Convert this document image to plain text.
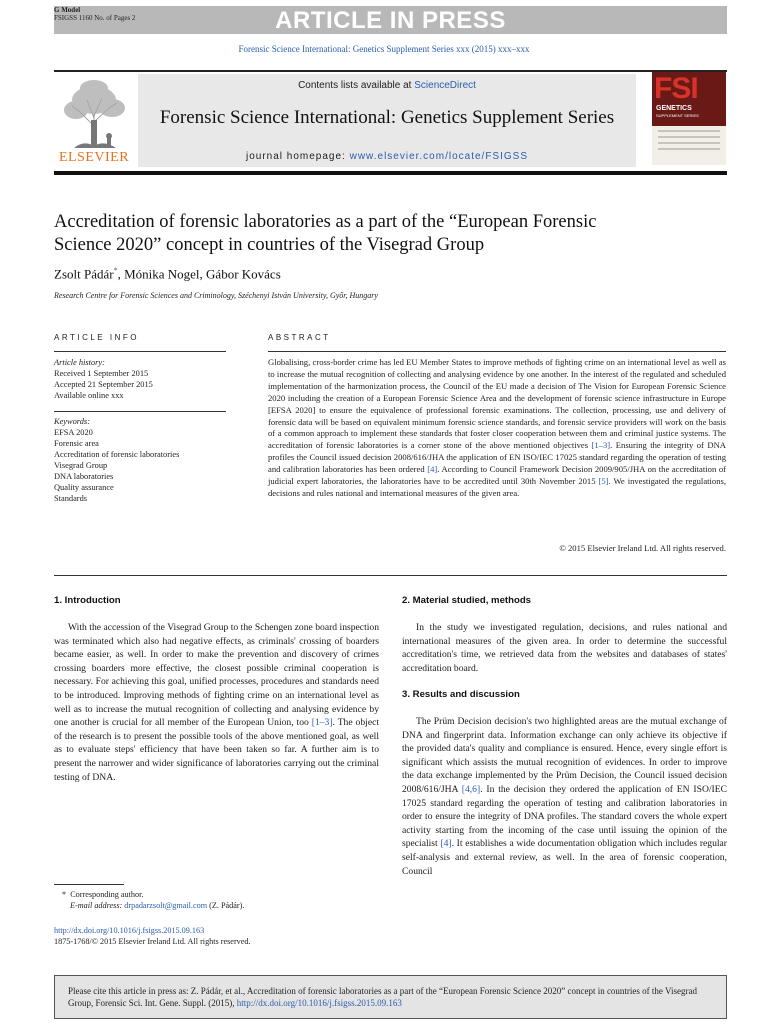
G Model
FSIGSS 1160 No. of Pages 2	ARTICLE IN PRESS
Forensic Science International: Genetics Supplement Series xxx (2015) xxx–xxx
ELSEVIER
Contents lists available at ScienceDirect
Forensic Science International: Genetics Supplement Series
journal homepage: www.elsevier.com/locate/FSIGSS
FSI
GENETICS
SUPPLEMENT SERIES
Accreditation of forensic laboratories as a part of the “European Forensic Science 2020” concept in countries of the Visegrad Group
Zsolt Pádár*, Mónika Nogel, Gábor Kovács
Research Centre for Forensic Sciences and Criminology, Széchenyi István University, Győr, Hungary
ARTICLE INFO	ABSTRACT
Article history:
Received 1 September 2015
Accepted 21 September 2015
Available online xxx
Keywords:
EFSA 2020
Forensic area
Accreditation of forensic laboratories
Visegrad Group
DNA laboratories
Quality assurance
Standards
Globalising, cross-border crime has led EU Member States to improve methods of fighting crime on an international level as well as to increase the mutual recognition of collecting and analysing evidence by one another. In the interest of the regulated and scheduled implementation of the harmonization process, the Council of the EU made a decision of The Vision for European Forensic Science 2020 including the creation of a European Forensic Science Area and the development of forensic science infrastructure in Europe [EFSA 2020] to ensure the equivalence of professional forensic examinations. The collection, processing, use and delivery of forensic data will be based on equivalent minimum forensic science standards, and forensic service providers will work on the basis of a common approach to implement these standards that foster closer cooperation between them and criminal justice systems. The accreditation of forensic laboratories is a corner stone of the above mentioned objectives [1–3]. Ensuring the integrity of DNA profiles the Council issued decision 2008/616/JHA the application of EN ISO/IEC 17025 standard regarding the operation of testing and calibration laboratories has been ordered [4]. According to Council Framework Decision 2009/905/JHA on the accreditation of judicial expert laboratories, the laboratories have to be accredited until 30th November 2015 [5]. We investigated the regulations, decisions and rules national and international measures of the given area.
© 2015 Elsevier Ireland Ltd. All rights reserved.
1. Introduction
With the accession of the Visegrad Group to the Schengen zone board inspection was terminated which also had negative effects, as criminals' crossing of boarders became easier, as well. In order to make the prevention and discovery of crimes crossing boarders more effective, the closest possible criminal cooperation is necessary. For achieving this goal, unified processes, procedures and standards need to be introduced. Improving methods of fighting crime on an international level as well as to increase the mutual recognition of collecting and analysing evidence by one another is crucial for all member of the European Union, too [1–3]. The object of the research is to present the possible tools of the above mentioned goal, as well as to evaluate steps' efficiency that have been taken so far. A further aim is to present the narrower and wider significance of laboratories carrying out the criminal testing of DNA.
2. Material studied, methods
In the study we investigated regulation, decisions, and rules national and international measures of the given area. In order to determine the successful accreditation's time, we retrieved data from the websites and databases of states' accreditation board.
3. Results and discussion
The Prüm Decision decision's two highlighted areas are the mutual exchange of DNA and fingerprint data. Information exchange can only achieve its objective if the provided data's quality and compliance is ensured. Hence, every single effort is significant which assists the mutual recognition of evidences. In order to improve the data exchange implemented by the Prüm Decision, the Council issued decision 2008/616/JHA [4,6]. In the decision they ordered the application of EN ISO/IEC 17025 standard regarding the operation of testing and calibration laboratories in order to ensure the integrity of DNA profiles. The standard covers the whole expert activity starting from the incoming of the case until issuing the opinion of the specialist [4]. It establishes a wide documentation obligation which includes regular self-analysis and external review, as well. In the area of forensic cooperation, Council
* Corresponding author.
E-mail address: drpadarzsolt@gmail.com (Z. Pádár).
http://dx.doi.org/10.1016/j.fsigss.2015.09.163
1875-1768/© 2015 Elsevier Ireland Ltd. All rights reserved.
Please cite this article in press as: Z. Pádár, et al., Accreditation of forensic laboratories as a part of the “European Forensic Science 2020” concept in countries of the Visegrad Group, Forensic Sci. Int. Gene. Suppl. (2015), http://dx.doi.org/10.1016/j.fsigss.2015.09.163
